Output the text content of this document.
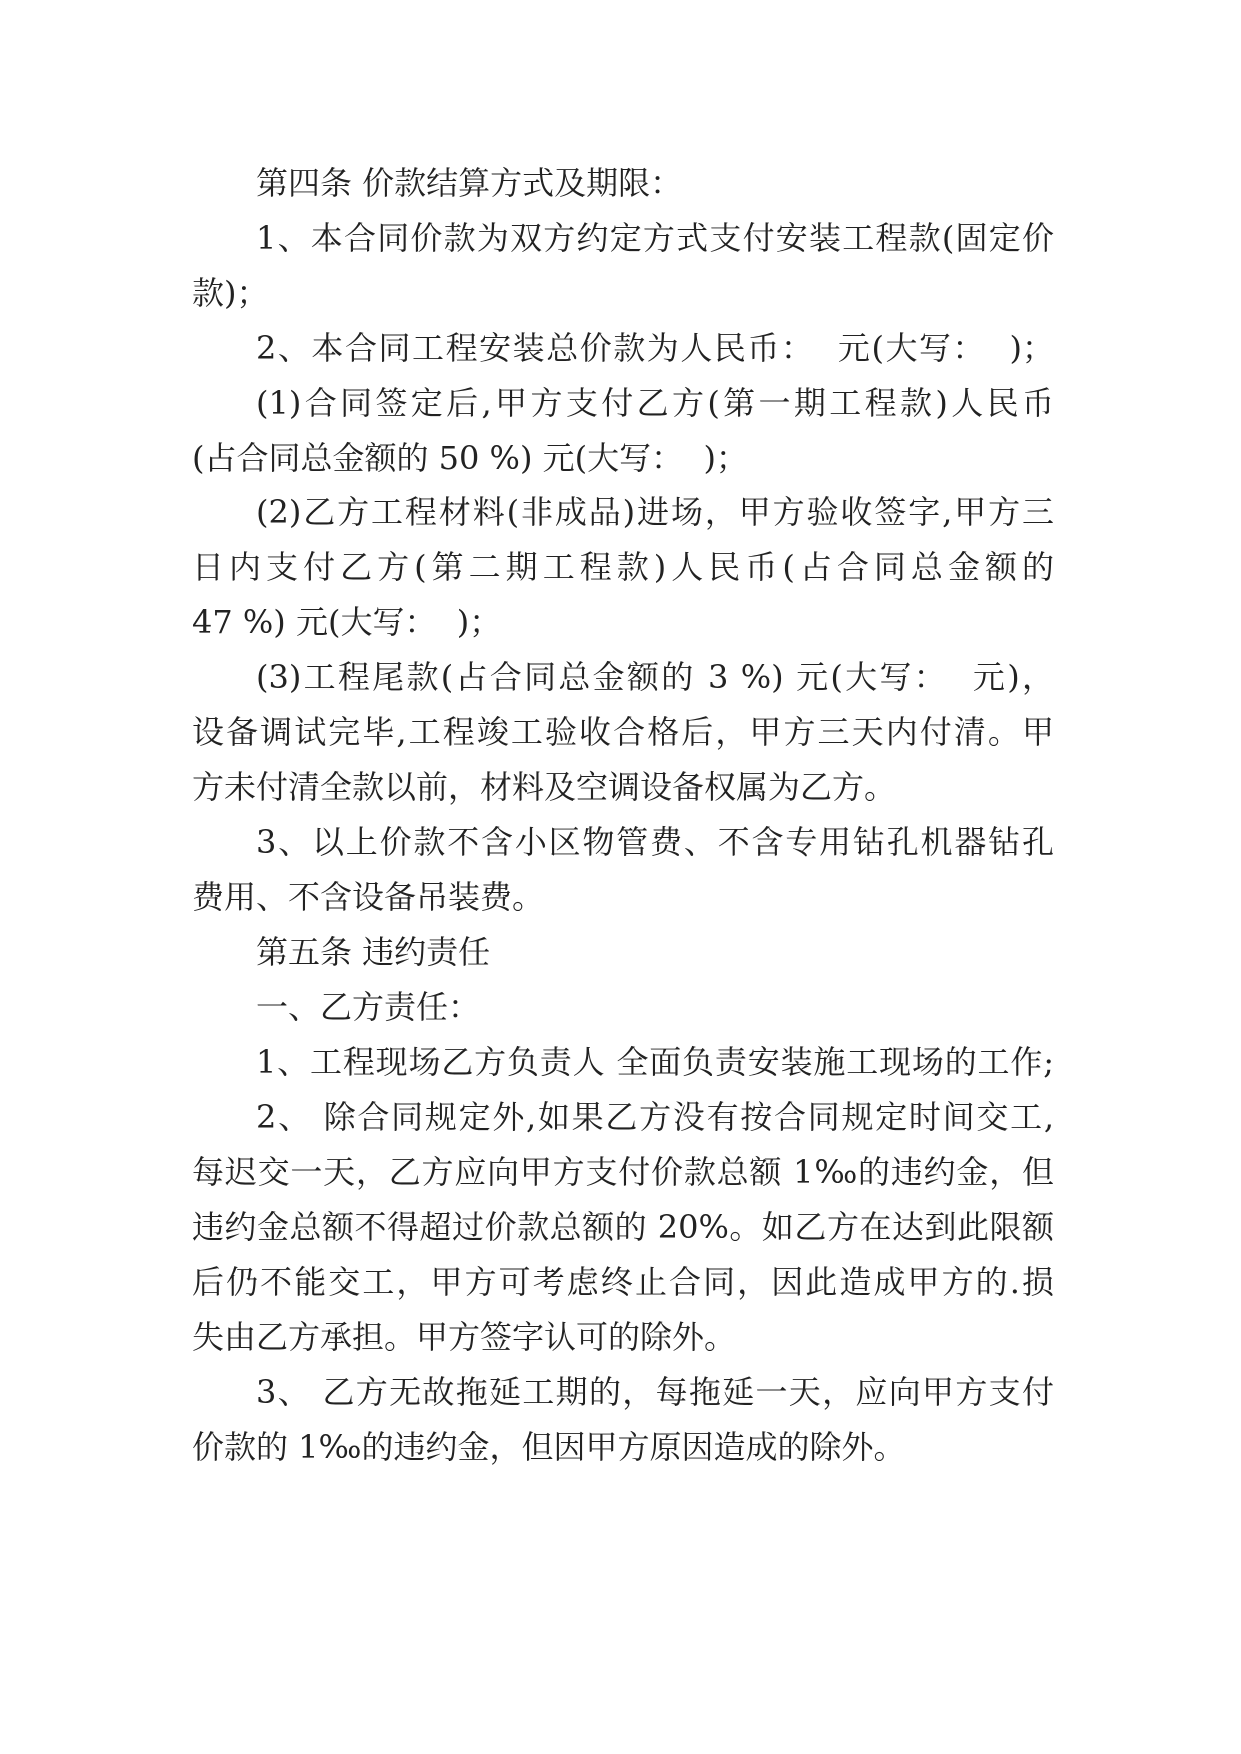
第四条 价款结算方式及期限：
1、本合同价款为双方约定方式支付安装工程款(固定价
款)；
2、本合同工程安装总价款为人民币：  元(大写：  )；
(1)合同签定后,甲方支付乙方(第一期工程款)人民币
(占合同总金额的 50 %) 元(大写：  )；
(2)乙方工程材料(非成品)进场，甲方验收签字,甲方三
日内支付乙方(第二期工程款)人民币(占合同总金额的
47 %) 元(大写：  )；
(3)工程尾款(占合同总金额的 3 %) 元(大写：  元)，
设备调试完毕,工程竣工验收合格后，甲方三天内付清。甲
方未付清全款以前，材料及空调设备权属为乙方。
3、以上价款不含小区物管费、不含专用钻孔机器钻孔
费用、不含设备吊装费。
第五条 违约责任
一、乙方责任：
1、工程现场乙方负责人 全面负责安装施工现场的工作;
2、 除合同规定外,如果乙方没有按合同规定时间交工,
每迟交一天，乙方应向甲方支付价款总额 1‰的违约金，但
违约金总额不得超过价款总额的 20%。如乙方在达到此限额
后仍不能交工，甲方可考虑终止合同，因此造成甲方的.损
失由乙方承担。甲方签字认可的除外。
3、 乙方无故拖延工期的，每拖延一天，应向甲方支付
价款的 1‰的违约金，但因甲方原因造成的除外。
